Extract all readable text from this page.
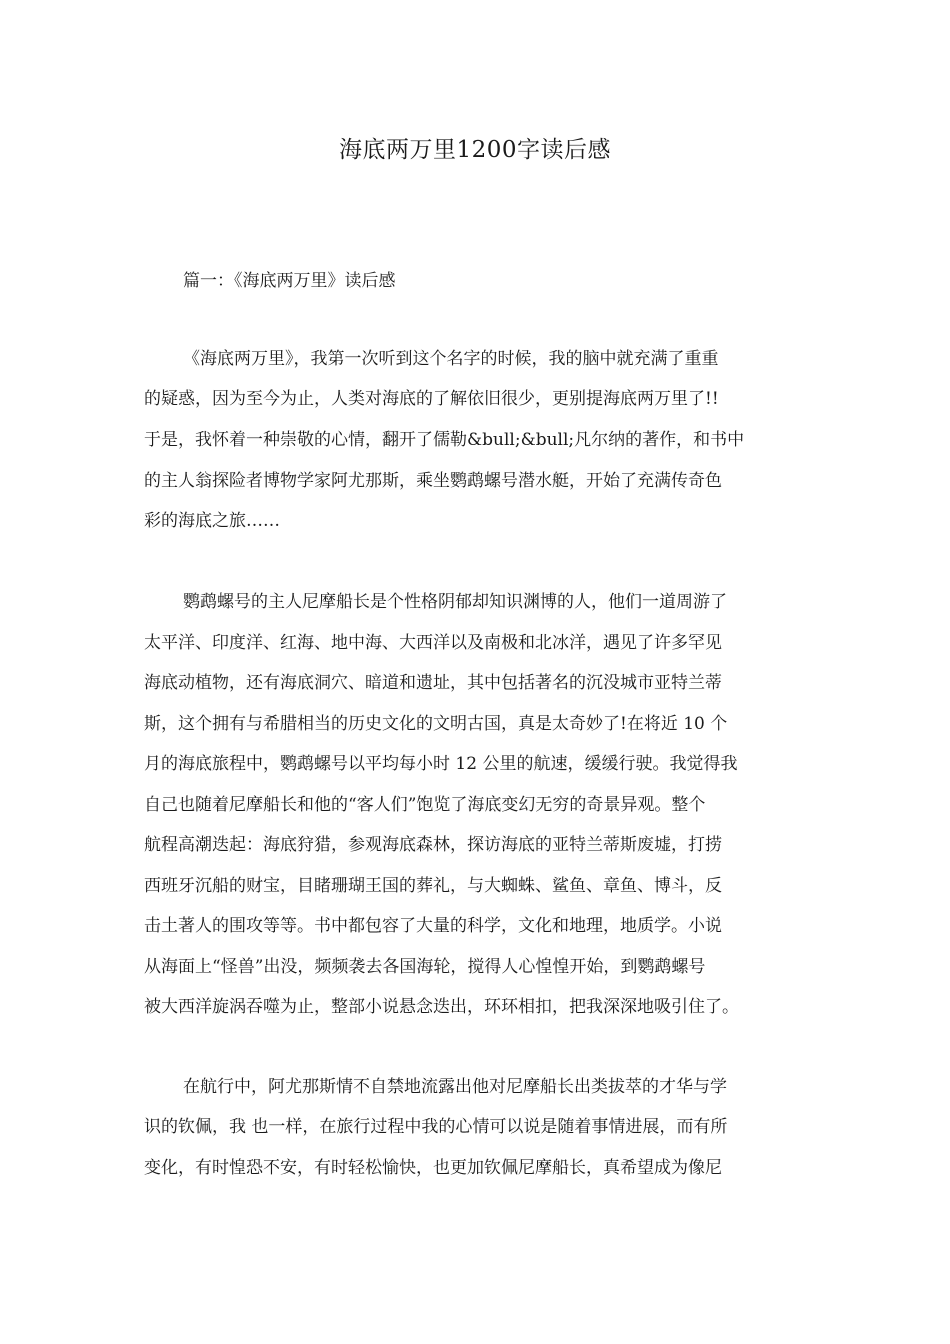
海底两万里1200字读后感
篇一：《海底两万里》读后感
《海底两万里》，我第一次听到这个名字的时候，我的脑中就充满了重重
的疑惑，因为至今为止，人类对海底的了解依旧很少，更别提海底两万里了!!
于是，我怀着一种崇敬的心情，翻开了儒勒&bull;&bull;凡尔纳的著作，和书中
的主人翁探险者博物学家阿尤那斯，乘坐鹦鹉螺号潜水艇，开始了充满传奇色
彩的海底之旅……
鹦鹉螺号的主人尼摩船长是个性格阴郁却知识渊博的人，他们一道周游了
太平洋、印度洋、红海、地中海、大西洋以及南极和北冰洋，遇见了许多罕见
海底动植物，还有海底洞穴、暗道和遗址，其中包括著名的沉没城市亚特兰蒂
斯，这个拥有与希腊相当的历史文化的文明古国，真是太奇妙了!在将近 10 个
月的海底旅程中，鹦鹉螺号以平均每小时 12 公里的航速，缓缓行驶。我觉得我
自己也随着尼摩船长和他的“客人们”饱览了海底变幻无穷的奇景异观。整个
航程高潮迭起：海底狩猎，参观海底森林，探访海底的亚特兰蒂斯废墟，打捞
西班牙沉船的财宝，目睹珊瑚王国的葬礼，与大蜘蛛、鲨鱼、章鱼、博斗，反
击土著人的围攻等等。书中都包容了大量的科学，文化和地理，地质学。小说
从海面上“怪兽”出没，频频袭去各国海轮，搅得人心惶惶开始，到鹦鹉螺号
被大西洋旋涡吞噬为止，整部小说悬念迭出，环环相扣，把我深深地吸引住了。
在航行中，阿尤那斯情不自禁地流露出他对尼摩船长出类拔萃的才华与学
识的钦佩，我 也一样，在旅行过程中我的心情可以说是随着事情进展，而有所
变化，有时惶恐不安，有时轻松愉快，也更加钦佩尼摩船长，真希望成为像尼
